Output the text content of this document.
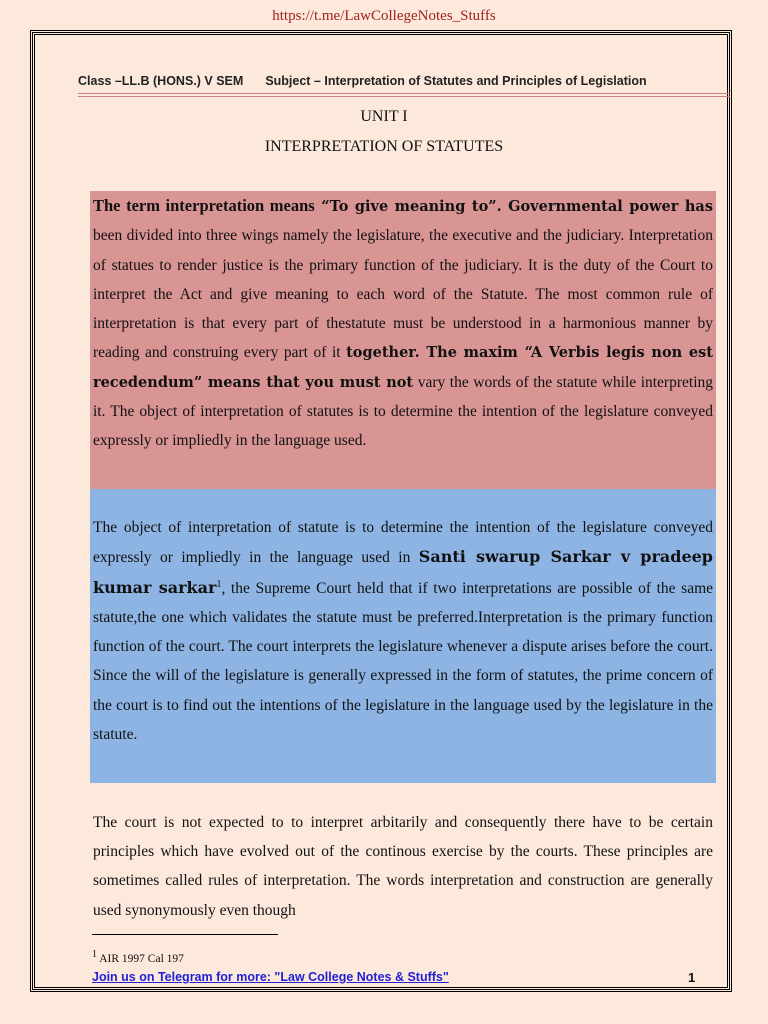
https://t.me/LawCollegeNotes_Stuffs
Class –LL.B (HONS.) V SEM Subject – Interpretation of Statutes and Principles of Legislation
UNIT I
INTERPRETATION OF STATUTES
The term interpretation means “To give meaning to”. Governmental power has been divided into three wings namely the legislature, the executive and the judiciary. Interpretation of statues to render justice is the primary function of the judiciary. It is the duty of the Court to interpret the Act and give meaning to each word of the Statute. The most common rule of interpretation is that every part of thestatute must be understood in a harmonious manner by reading and construing every part of it together. The maxim “A Verbis legis non est recedendum” means that you must not vary the words of the statute while interpreting it. The object of interpretation of statutes is to determine the intention of the legislature conveyed expressly or impliedly in the language used.
The object of interpretation of statute is to determine the intention of the legislature conveyed expressly or impliedly in the language used in Santi swarup Sarkar v pradeep kumar sarkar$^1$, the Supreme Court held that if two interpretations are possible of the same statute,the one which validates the statute must be preferred.Interpretation is the primary function function of the court. The court interprets the legislature whenever a dispute arises before the court. Since the will of the legislature is generally expressed in the form of statutes, the prime concern of the court is to find out the intentions of the legislature in the language used by the legislature in the statute.
The court is not expected to to interpret arbitarily and consequently there have to be certain principles which have evolved out of the continous exercise by the courts. These principles are sometimes called rules of interpretation. The words interpretation and construction are generally used synonymously even though
$^1$ AIR 1997 Cal 197
Join us on Telegram for more: "Law College Notes & Stuffs"	1
